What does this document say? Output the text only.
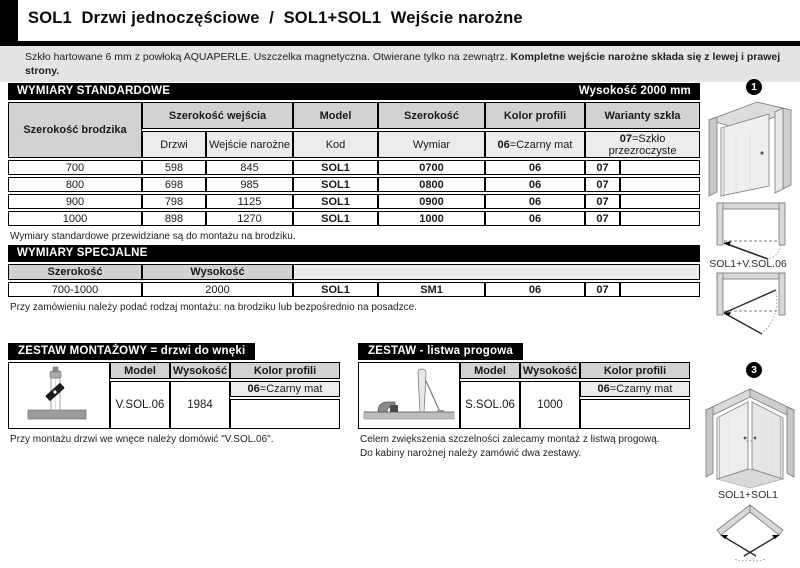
SOL1  Drzwi jednoczęściowe  /  SOL1+SOL1  Wejście narożne
Szkło hartowane 6 mm z powłoką AQUAPERLE. Uszczelka magnetyczna. Otwierane tylko na zewnątrz. Kompletne wejście narożne składa się z lewej i prawej strony.
WYMIARY STANDARDOWE	Wysokość 2000 mm
Szerokość brodzika	Szerokość wejścia		Model	Szerokość	Kolor profili	Warianty szkła	
	Drzwi	Wejście narożne	Kod	Wymiar	06=Czarny mat	07=Szkło przezroczyste	
700	598	845	SOL1	0700	06	07	
800	698	985	SOL1	0800	06	07	
900	798	1125	SOL1	0900	06	07	
1000	898	1270	SOL1	1000	06	07	

Wymiary standardowe przewidziane są do montażu na brodziku.

WYMIARY SPECJALNE
Szerokość	Wysokość					
700-1000	2000	SOL1	SM1	06	07	

Przy zamówieniu należy podać rodzaj montażu: na brodziku lub bezpośrednio na posadzce.

ZESTAW MONTAŻOWY = drzwi do wnęki
	Model	Wysokość	Kolor profili
	V.SOL.06	1984	06=Czarny mat

Przy montażu drzwi we wnęce należy domówić "V.SOL.06".

ZESTAW - listwa progowa
	Model	Wysokość	Kolor profili
	S.SOL.06	1000	06=Czarny mat

Celem zwiększenia szczelności zalecamy montaż z listwą progową.

Do kabiny narożnej należy zamówić dwa zestawy.

1
SOL1+V.SOL.06
3
SOL1+SOL1
